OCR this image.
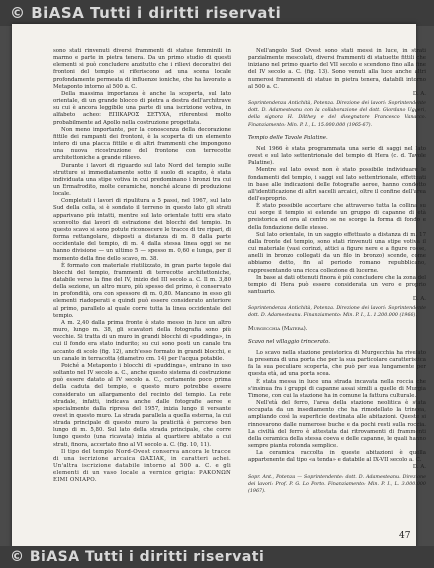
© BiASA Tutti i diritti riservati

sono stati rinvenuti diversi frammenti di statue femminili in marmo e parte in pietra tenera. Da un primo studio di questi elementi si può concludere anzitutto che i rilievi decorativi dei frontoni del tempio si riferiscono ad una scena locale profondamente permeata di influenze ioniche, che ha lavorato a Metaponto intorno al 500 a. C.

Della massima importanza è anche la scoperta, sul lato orientale, di un grande blocco di pietra a destra dell'architrave su cui è ancora leggibile una parte di una iscrizione votiva, in alfabeto acheo: Ε̄ΠΙΚΑΡΟΣ ΣΕΤ̄ΥΧΑ, riferentesi molto probabilmente ad Apollo nella costruzione progettata.

Non meno importante, per la conoscenza della decorazione fittile dei rampanti dei frontoni, è la scoperta di un elemento intero di una placca fittile e di altri frammenti che impongono una nuova ricostruzione del frontone con terrecotte architettoniche a grande rilievo.

Durante i lavori di riguardo sul lato Nord del tempio sulle strutture si immediatamente sotto il suolo di scapito, è stata individuata una stipe votiva in cui predominano i bronzi tra cui un Ermafrodito, molte ceramiche, nonché alcune di produzione locale.

Completati i lavori di ripulitura a 5 passi, nel 1967, sul lato Sud della cella, si è sondato il terreno in questo lato gli strati apparivano più intatti, mentre sul lato orientale tutti era stato sconvolto dai lavori di estrazione dei blocchi del tempio. In questo scavo si sono potute riconoscere le tracce di tre ripari, di forma rettangolare, disposti a distanza di m. 8 dalla parte occidentale del tempio, di m. 4 dalla stessa linea oggi se ne hanno divisione — un ultimo 5 — spesso m. 0,60 e lunga, per il momento della fine dello scavo, m. 38.

È formato con materiale riutilizzato, in gran parte tegole dai blocchi del tempio, frammenti di terrecotte architettoniche, databile verso la fine del IV, inizio del III secolo a. C. Il m. 3,80 della sezione, un altro muro, più spesso del primo, è conservato in profondità, ora con spessore di m. 0,80. Mancano in esso gli elementi riadoperati e quindi può essere considerato anteriore al primo, parallelo al quale corre tutta la linea occidentale del tempio.

A m. 2,40 dalla prima fronte è stato messo in luce un altro muro, lungo m. 38, gli scavatori della fotografia sono più vecchie. Si tratta di un muro in grandi blocchi di «puddinga», in cui il fondo era stato indurito; su cui sono posti un canale tra accanto di scolo (fig. 12), anch'esso formato in grandi blocchi, e un canale in terracotta (diametro cm. 14) per l'acqua potabile.

Poiché a Metaponto i blocchi di «puddinga», entrano in uso soltanto nel IV secolo a. C., anche questo sistema di costruzione può essere datato al IV secolo a. C., certamente poco prima della caduta del tempio, e questo muro potrebbe essere considerato un allargamento del recinto del tempio. La rete stradale, infatti, indicava anche dalle fotografie aeree e specialmente dalla ripresa del 1957, inizia lungo il versante ovest in questo muro. La strada parallela a quella esterna, la cui strada principale di questo muro la praticità è percorso ben lungo di m. 5,80. Sul lato della strada principale, che corre lungo questo (una ricavata) inizia al quartiere abitato a cui strati, finora, accertato fino al VI secolo a. C. (fig. 10, 11).

Il tipo del tempio Nord-Ovest conserva ancora le tracce di una iscrizione arcaica ΩΑΣΙΑΚ, in caratteri achei. Un'altra iscrizione databile intorno al 500 a. C. e gli elementi di un vaso locale a vernice grigia: ΡΑΚΟΝΩΝ ΕΙΜΙ ΟΝΙΑΡΟ.

Nell'angolo Sud Ovest sono stati messi in luce, in strati parzialmente mescolati, diversi frammenti di statuette fittili che iniziano nel primo quarto del VII secolo e scendono fino alla fine del IV secolo a. C. (fig. 13). Sono venuti alla luce anche altri numerosi frammenti di statue in pietra tenera, databili intorno al 500 a. C.

D. A.

Soprintendenza Antichità, Potenza. Direzione dei lavori: Soprintendente dott. D. Adamesteanu con la collaborazione del dott. Giordano Uggeri, della signora H. Dilthey e del disegnatore Francesco Vanacco. Finanziamento: Min. P. I., L. 15.000.000 (1965-67).

Tempio delle Tavole Palatine.

Nel 1966 è stata programmata una serie di saggi nel lato ovest e sul lato settentrionale del tempio di Hera (c. d. Tavole Palatine).

Mentre sul lato ovest non è stato possibile individuare le fondamenti del tempio, i saggi sul lato settentrionale, effettuati in base alle indicazioni delle fotografie aeree, hanno condotto all'identificazione di altri sacelli arcaici, oltre il confine dell'area dell'esproprio.

È stato possibile accertare che attraverso tutta la collina su cui sorge il tempio si estende un gruppo di capanne di età preistorica ed ora al centro se ne scorge la forma di fondo e della fondazione delle stesse.

Sul lato orientale, in un saggio effettuato a distanza di m. 17 dalla fronte del tempio, sono stati rinvenuti una stipe votiva il cui materiale (vasi corinzi, attici a figure nere e a figure rosse, anelli in bronzo collegati da un filo in bronzo) scende, come abbiamo detto, fin al periodo romano repubblicano, rappresentando una ricca collezione di lucerne.

In base ai dati ottenuti finora è più concludere che la zona del tempio di Hera può essere considerata un vero e proprio santuario.

D. A.

Soprintendenza Antichità, Potenza. Direzione dei lavori: Soprintendente dott. D. Adamesteanu. Finanziamento: Min. P. I., L. 1.200.000 (1966).

Murgecchia (Matera).

Scavo nel villaggio trincerato.

Lo scavo nella stazione preistorica di Murgecchia ha rivelato la presenza di una porta che per la sua particolare caratteristica fa la sua peculiare scoperta, che può per sua lungamente per questa età, ad una porta scea.

È stata messa in luce una strada incavata nella roccia che s'insinua fra i gruppi di capanne assai simili a quelle di Murgia Timone, con cui la stazione ha in comune la fattura culturale.

Nell'età del ferro, l'area della stazione neolitica è stata occupata da un insediamento che ha rimodellato la trincea, ampliando così la superficie destinata alle abitazioni. Queste si rinnovarono dalle numerose buche e da pochi resti sulla roccia. La civiltà del ferro è attestata dai ritrovamenti di frammenti della ceramica della stessa coeva e delle capanne, le quali hanno sempre pianta rotonda semplice.

La ceramica raccolta in queste abitazioni è quella appartenente dal tipo «a tenda» e databile al IX-VII secolo a. C.

D. A.

Sopr. Ant., Potenza — Soprintendente: dott. D. Adamesteanu. Direzione dei lavori: Prof. P. G. Lo Porto. Finanziamento: Min. P. I., L. 3.000.000 (1967).

47
© BiASA Tutti i diritti riservati
